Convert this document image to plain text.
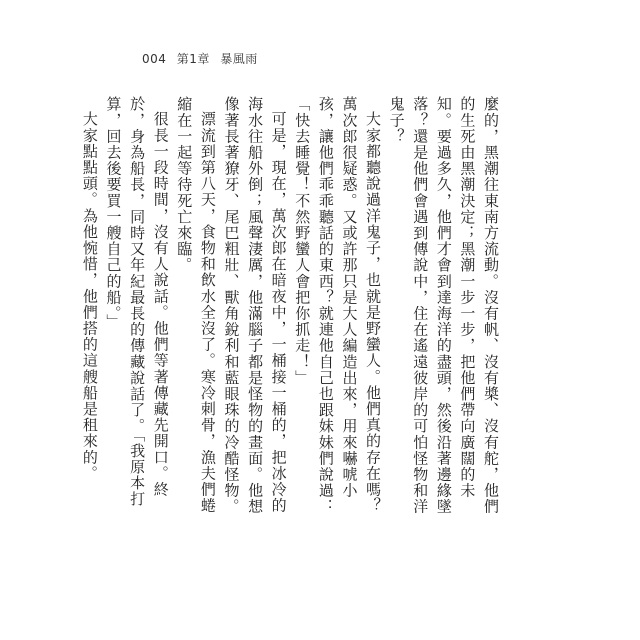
004 第1章 暴風雨

麼的，黑潮往東南方流動。沒有帆、沒有槳、沒有舵，他們的生死由黑潮決定；黑潮一步一步，把他們帶向廣闊的未知。要過多久，他們才會到達海洋的盡頭，然後沿著邊緣墜落？還是他們會遇到傳說中，住在遙遠彼岸的可怕怪物和洋鬼子？

大家都聽說過洋鬼子，也就是野蠻人。他們真的存在嗎？萬次郎很疑惑。又或許那只是大人編造出來，用來嚇唬小孩，讓他們乖乖聽話的東西？就連他自己也跟妹妹們說過：「快去睡覺！不然野蠻人會把你抓走！」

可是，現在，萬次郎在暗夜中，一桶接一桶的，把冰冷的海水往船外倒；風聲淒厲，他滿腦子都是怪物的畫面。他想像著長著獠牙、尾巴粗壯、獸角銳利和藍眼珠的冷酷怪物。

漂流到第八天，食物和飲水全沒了。寒冷刺骨，漁夫們蜷縮在一起等待死亡來臨。

很長一段時間，沒有人說話。他們等著傳藏先開口。終於，身為船長，同時又年紀最長的傳藏說話了。「我原本打算，回去後要買一艘自己的船。」

大家點點頭。為他惋惜，他們搭的這艘船是租來的。
